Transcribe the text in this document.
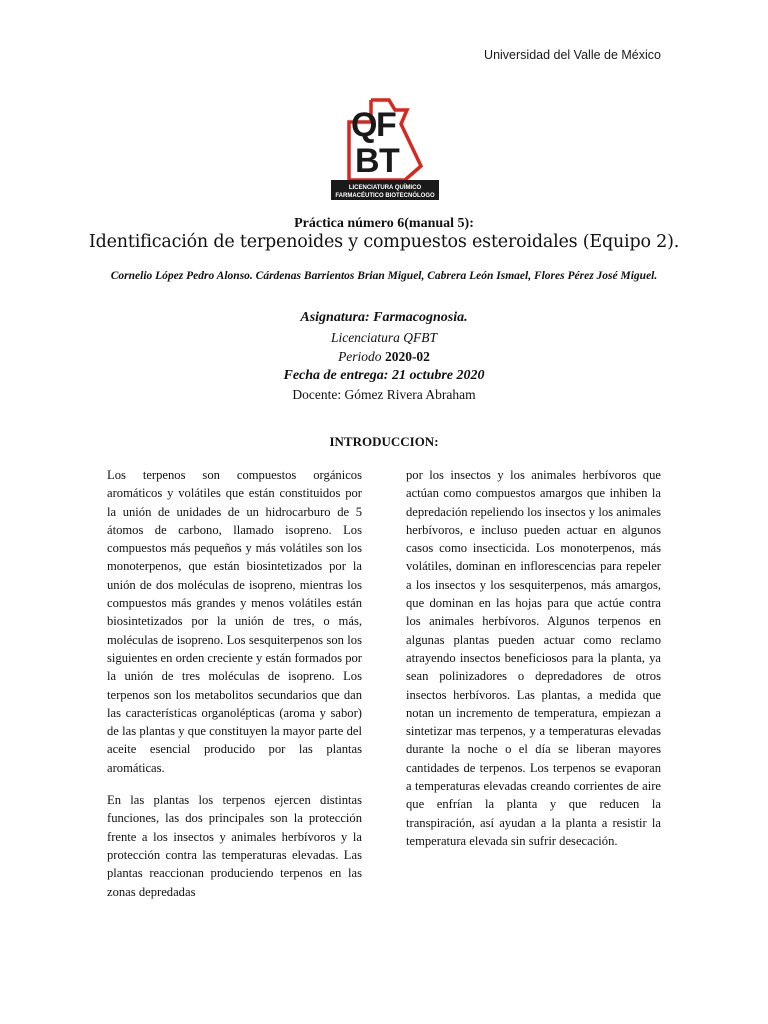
Universidad del Valle de México
Q
F
B T
LICENCIATURA QUÍMICO
FARMACÉUTICO BIOTECNÓLOGO
Práctica número 6(manual 5):
Identificación de terpenoides y compuestos esteroidales (Equipo 2).
Cornelio López Pedro Alonso. Cárdenas Barrientos Brian Miguel, Cabrera León Ismael, Flores Pérez José Miguel.
Asignatura: Farmacognosia.
Licenciatura QFBT
Periodo 2020-02
Fecha de entrega: 21 octubre 2020
Docente: Gómez Rivera Abraham
INTRODUCCION:

Los terpenos son compuestos orgánicos aromáticos y volátiles que están constituidos por la unión de unidades de un hidrocarburo de 5 átomos de carbono, llamado isopreno. Los compuestos más pequeños y más volátiles son los monoterpenos, que están biosintetizados por la unión de dos moléculas de isopreno, mientras los compuestos más grandes y menos volátiles están biosintetizados por la unión de tres, o más, moléculas de isopreno. Los sesquiterpenos son los siguientes en orden creciente y están formados por la unión de tres moléculas de isopreno. Los terpenos son los metabolitos secundarios que dan las características organolépticas (aroma y sabor) de las plantas y que constituyen la mayor parte del aceite esencial producido por las plantas aromáticas.

En las plantas los terpenos ejercen distintas funciones, las dos principales son la protección frente a los insectos y animales herbívoros y la protección contra las temperaturas elevadas. Las plantas reaccionan produciendo terpenos en las zonas depredadas

por los insectos y los animales herbívoros que actúan como compuestos amargos que inhiben la depredación repeliendo los insectos y los animales herbívoros, e incluso pueden actuar en algunos casos como insecticida. Los monoterpenos, más volátiles, dominan en inflorescencias para repeler a los insectos y los sesquiterpenos, más amargos, que dominan en las hojas para que actúe contra los animales herbívoros. Algunos terpenos en algunas plantas pueden actuar como reclamo atrayendo insectos beneficiosos para la planta, ya sean polinizadores o depredadores de otros insectos herbívoros. Las plantas, a medida que notan un incremento de temperatura, empiezan a sintetizar mas terpenos, y a temperaturas elevadas durante la noche o el día se liberan mayores cantidades de terpenos. Los terpenos se evaporan a temperaturas elevadas creando corrientes de aire que enfrían la planta y que reducen la transpiración, así ayudan a la planta a resistir la temperatura elevada sin sufrir desecación.
